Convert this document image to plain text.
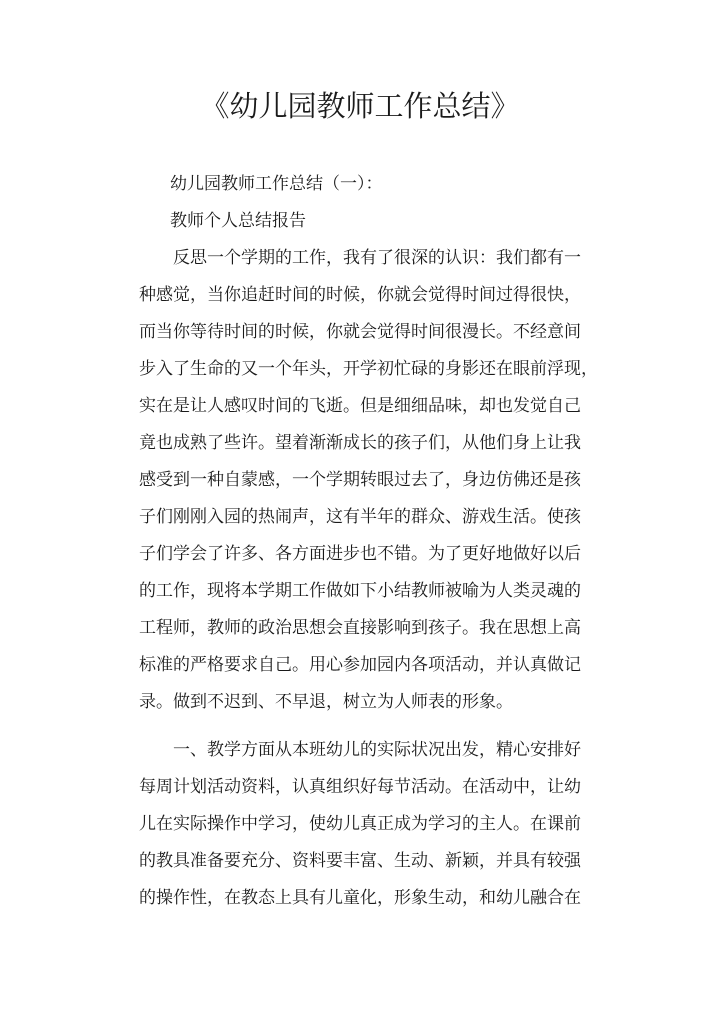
《幼儿园教师工作总结》
幼儿园教师工作总结（一）：
教师个人总结报告
反思一个学期的工作，我有了很深的认识：我们都有一
种感觉，当你追赶时间的时候，你就会觉得时间过得很快，
而当你等待时间的时候，你就会觉得时间很漫长。不经意间
步入了生命的又一个年头，开学初忙碌的身影还在眼前浮现，
实在是让人感叹时间的飞逝。但是细细品味，却也发觉自己
竟也成熟了些许。望着渐渐成长的孩子们，从他们身上让我
感受到一种自蒙感，一个学期转眼过去了，身边仿佛还是孩
子们刚刚入园的热闹声，这有半年的群众、游戏生活。使孩
子们学会了许多、各方面进步也不错。为了更好地做好以后
的工作，现将本学期工作做如下小结教师被喻为人类灵魂的
工程师，教师的政治思想会直接影响到孩子。我在思想上高
标准的严格要求自己。用心参加园内各项活动，并认真做记
录。做到不迟到、不早退，树立为人师表的形象。
一、教学方面从本班幼儿的实际状况出发，精心安排好
每周计划活动资料，认真组织好每节活动。在活动中，让幼
儿在实际操作中学习，使幼儿真正成为学习的主人。在课前
的教具准备要充分、资料要丰富、生动、新颖，并具有较强
的操作性，在教态上具有儿童化，形象生动，和幼儿融合在
